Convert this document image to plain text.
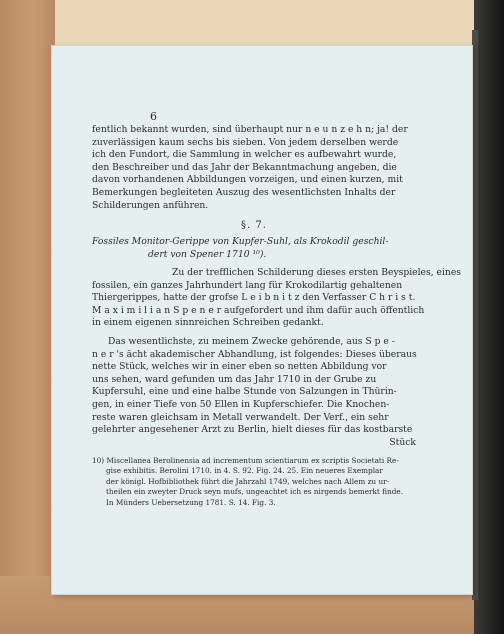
6
fentlich bekannt wurden, sind überhaupt nur n e u n z e h n; ja! der
zuverlässigen kaum sechs bis sieben. Von jedem derselben werde
ich den Fundort, die Sammlung in welcher es aufbewahrt wurde,
den Beschreiber und das Jahr der Bekanntmachung angeben, die
davon vorhandenen Abbildungen vorzeigen, und einen kurzen, mit
Bemerkungen begleiteten Auszug des wesentlichsten Inhalts der
Schilderungen anführen.
§. 7.
Fossiles Monitor-Gerippe von Kupfer-Suhl, als Krokodil geschil-
dert von Spener 1710 ¹⁰).
Zu der trefflichen Schilderung dieses ersten Beyspieles, eines
fossilen, ein ganzes Jahrhundert lang für Krokodilartig gehaltenen
Thiergerippes, hatte der grofse L e i b n i t z den Verfasser C h r i s t.
M a x i m i l i a n S p e n e r aufgefordert und ihm dafür auch öffentlich
in einem eigenen sinnreichen Schreiben gedankt.
Das wesentlichste, zu meinem Zwecke gehörende, aus S p e -
n e r 's ächt akademischer Abhandlung, ist folgendes: Dieses überaus
nette Stück, welches wir in einer eben so netten Abbildung vor
uns sehen, ward gefunden um das Jahr 1710 in der Grube zu
Kupfersuhl, eine und eine halbe Stunde von Salzungen in Thürin-
gen, in einer Tiefe von 50 Ellen in Kupferschiefer. Die Knochen-
reste waren gleichsam in Metall verwandelt. Der Verf., ein sehr
gelehrter angesehener Arzt zu Berlin, hielt dieses für das kostbarste
Stück
10) Miscellanea Berolinensia ad incrementum scientiarum ex scriptis Societati Re-
gise exhibitis. Berolini 1710. in 4. S. 92. Fig. 24. 25. Ein neueres Exemplar
der königl. Hofbibliothek führt die Jahrzahl 1749, welches nach Allem zu ur-
theilen ein zweyter Druck seyn mufs, ungeachtet ich es nirgends bemerkt finde.
In Münders Uebersetzung 1781. S. 14. Fig. 3.
